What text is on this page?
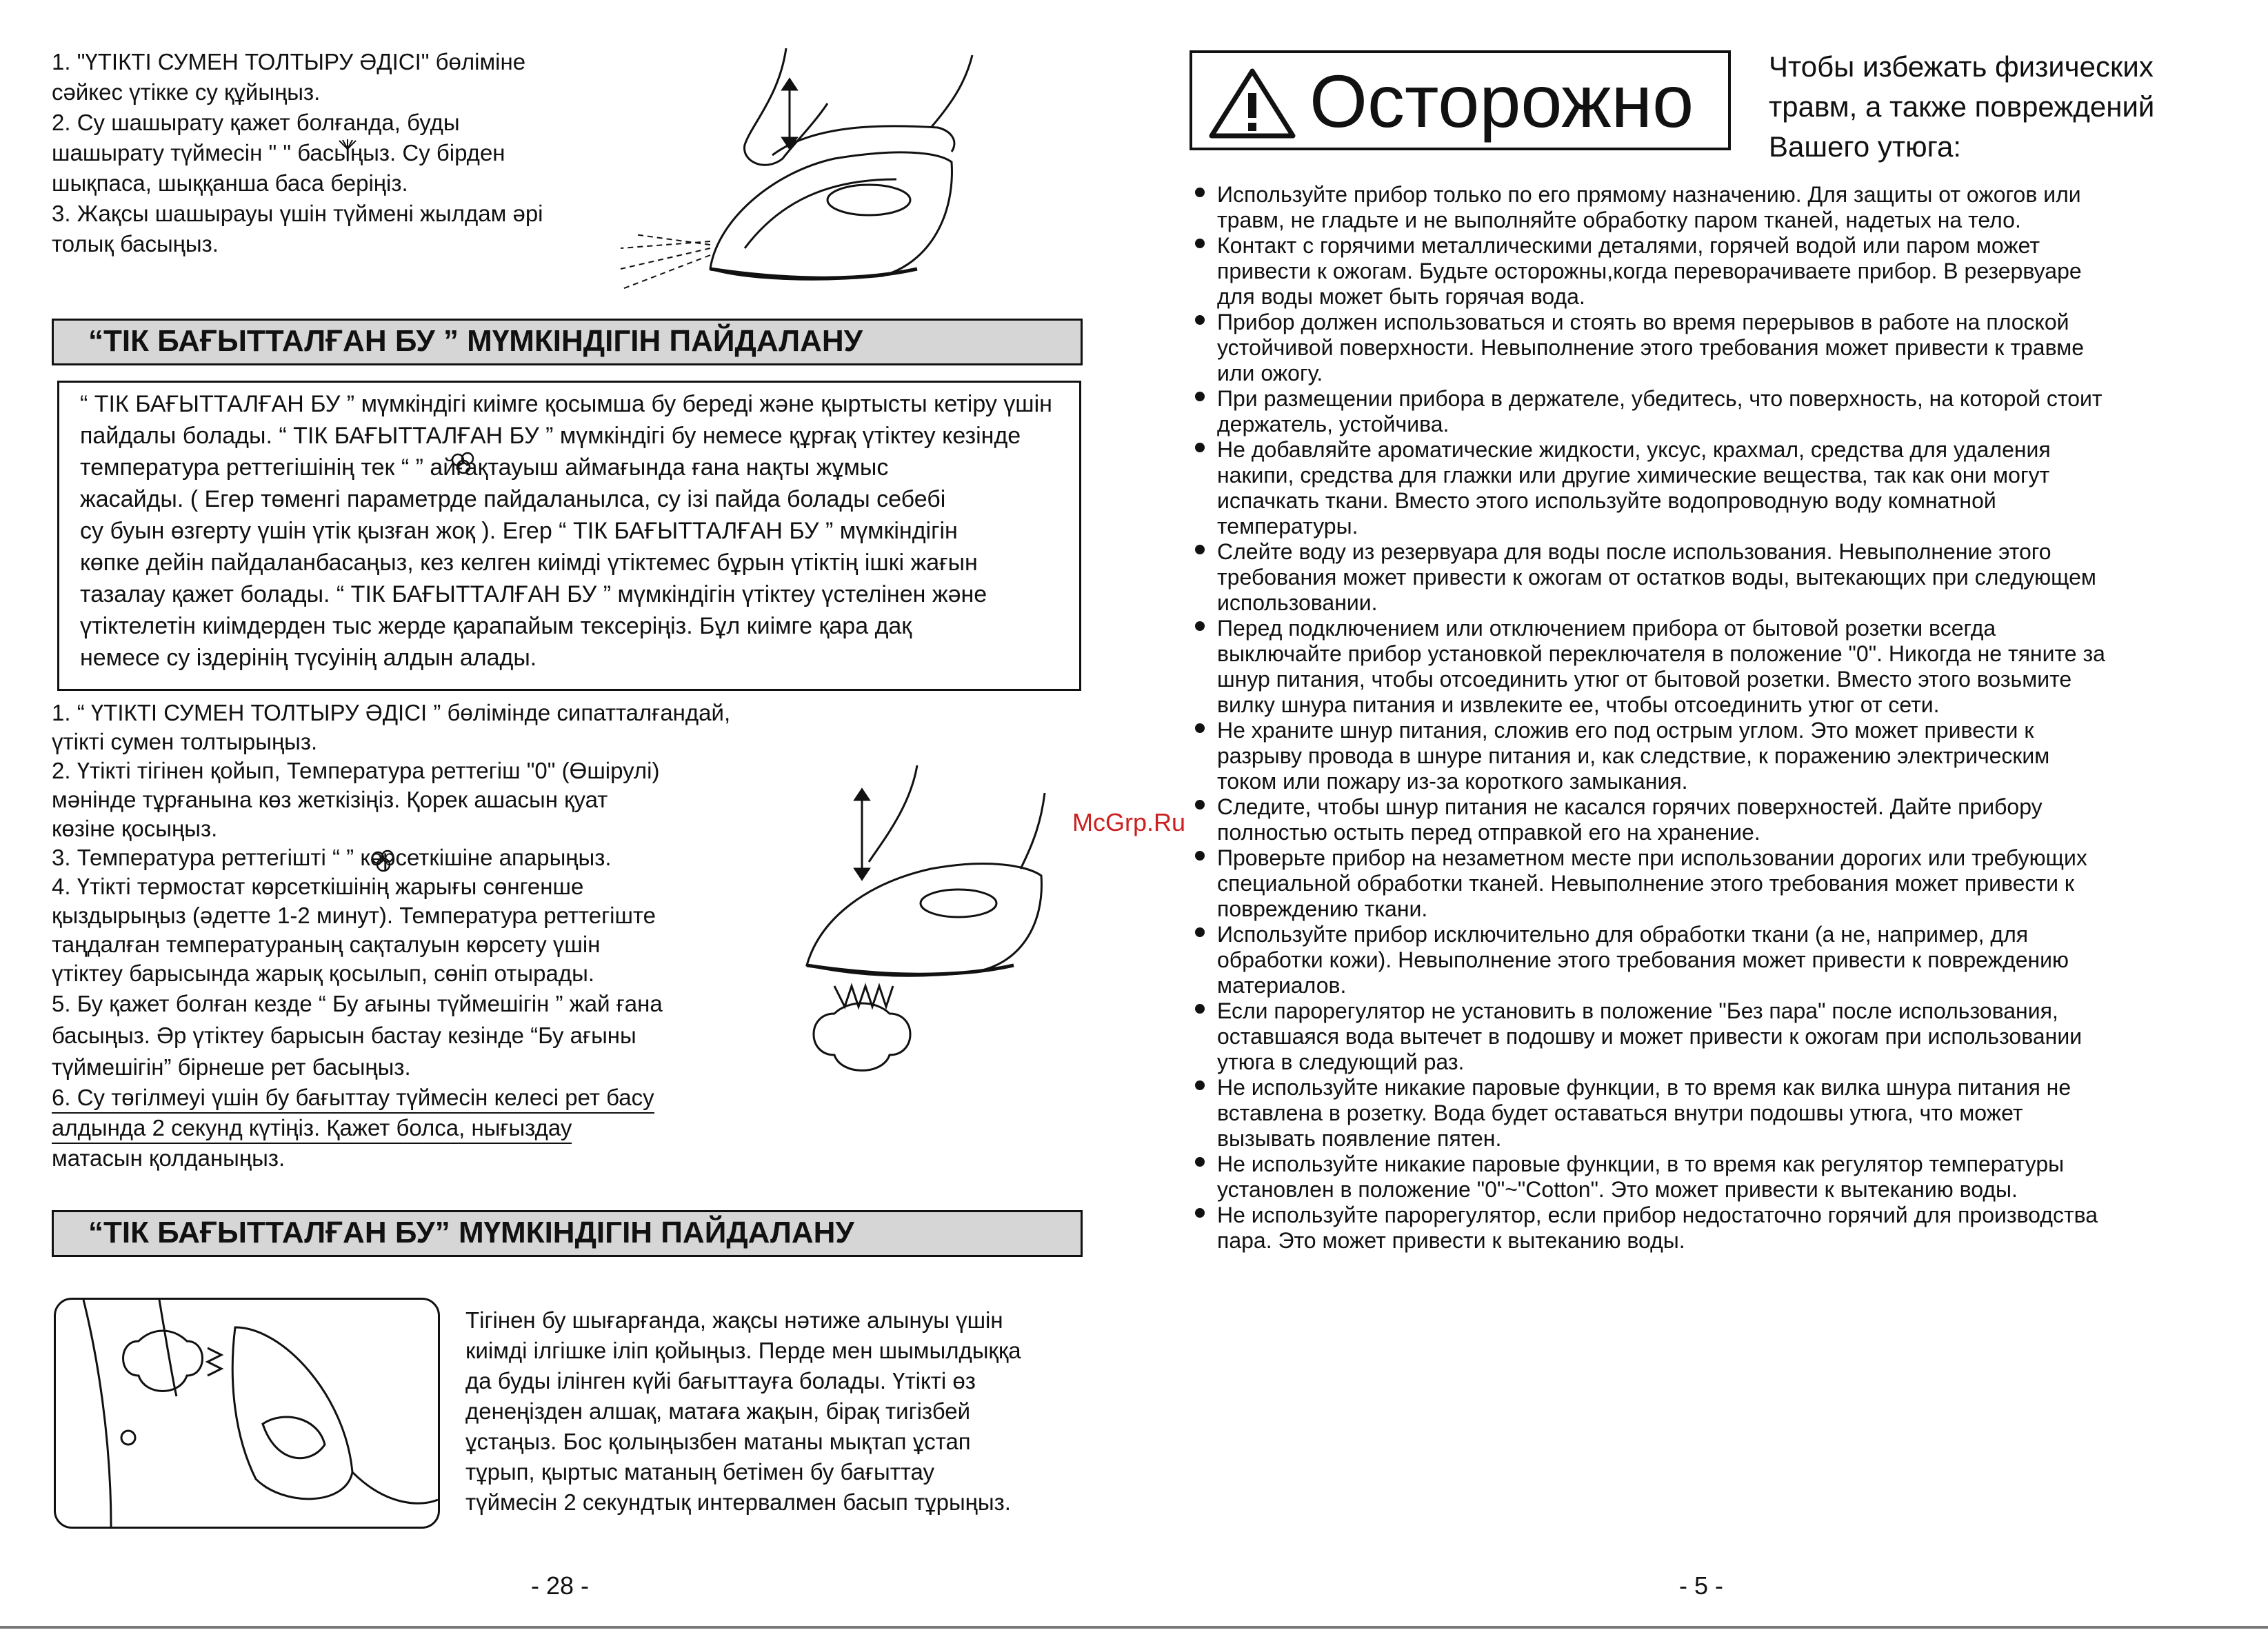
1. "ҮТІКТІ СУМЕН ТОЛТЫРУ ӘДІСІ" бөліміне
сәйкес үтікке су құйыңыз.
2. Су шашырату қажет болғанда, буды
шашырату түймесін " " басыңыз. Су бірден
шықпаса, шыққанша баса беріңіз.
3. Жақсы шашырауы үшін түймені жылдам әрі
толық басыңыз.
“ТІК БАҒЫТТАЛҒАН БУ ” МҮМКІНДІГІН ПАЙДАЛАНУ
“ ТІК БАҒЫТТАЛҒАН БУ ” мүмкіндігі киімге қосымша бу береді және қыртысты кетіру үшін
пайдалы болады. “ ТІК БАҒЫТТАЛҒАН БУ ” мүмкіндігі бу немесе құрғақ үтіктеу кезінде
температура реттегішінің тек “ ” айғақтауыш аймағында ғана нақты жұмыс
жасайды. ( Егер төменгі параметрде пайдаланылса, су ізі пайда болады себебі
су буын өзгерту үшін үтік қызған жоқ ). Егер “ ТІК БАҒЫТТАЛҒАН БУ ” мүмкіндігін
көпке дейін пайдаланбасаңыз, кез келген киімді үтіктемес бұрын үтіктің ішкі жағын
тазалау қажет болады. “ ТІК БАҒЫТТАЛҒАН БУ ” мүмкіндігін үтіктеу үстелінен және
үтіктелетін киімдерден тыс жерде қарапайым тексеріңіз. Бұл киімге қара дақ
немесе су іздерінің түсуінің алдын алады.
1. “ ҮТІКТІ СУМЕН ТОЛТЫРУ ӘДІСІ ” бөлімінде сипатталғандай,
үтікті сумен толтырыңыз.
2. Үтікті тігінен қойып, Температура реттегіш "0" (Өшірулі)
мәнінде тұрғанына көз жеткізіңіз. Қорек ашасын қуат
көзіне қосыңыз.
3. Температура реттегішті “ ” көрсеткішіне апарыңыз.
4. Үтікті термостат көрсеткішінің жарығы сөнгенше
қыздырыңыз (әдетте 1-2 минут). Температура реттегіште
таңдалған температураның сақталуын көрсету үшін
үтіктеу барысында жарық қосылып, сөніп отырады.
5. Бу қажет болған кезде “ Бу ағыны түймешігін ” жай ғана
басыңыз. Әр үтіктеу барысын бастау кезінде “Бу ағыны
түймешігін” бірнеше рет басыңыз.
6. Су төгілмеуі үшін бу бағыттау түймесін келесі рет басу
алдында 2 секунд күтіңіз. Қажет болса, нығыздау
матасын қолданыңыз.
“ТІК БАҒЫТТАЛҒАН БУ” МҮМКІНДІГІН ПАЙДАЛАНУ
Тігінен бу шығарғанда, жақсы нәтиже алынуы үшін
киімді ілгішке іліп қойыңыз. Перде мен шымылдыққа
да буды ілінген күйі бағыттауға болады. Үтікті өз
денеңізден алшақ, матаға жақын, бірақ тигізбей
ұстаңыз. Бос қолыңызбен матаны мықтап ұстап
тұрып, қыртыс матаның бетімен бу бағыттау
түймесін 2 секундтық интервалмен басып тұрыңыз.
- 28 -
Осторожно	Чтобы избежать физических
травм, а также повреждений
Вашего утюга:
Используйте прибор только по его прямому назначению. Для защиты от ожогов или
травм, не гладьте и не выполняйте обработку паром тканей, надетых на тело.
Контакт с горячими металлическими деталями, горячей водой или паром может
привести к ожогам. Будьте осторожны,когда переворачиваете прибор. В резервуаре
для воды может быть горячая вода.
Прибор должен использоваться и стоять во время перерывов в работе на плоской
устойчивой поверхности. Невыполнение этого требования может привести к травме
или ожогу.
При размещении прибора в держателе, убедитесь, что поверхность, на которой стоит
держатель, устойчива.
Не добавляйте ароматические жидкости, уксус, крахмал, средства для удаления
накипи, средства для глажки или другие химические вещества, так как они могут
испачкать ткани. Вместо этого используйте водопроводную воду комнатной
температуры.
Слейте воду из резервуара для воды после использования. Невыполнение этого
требования может привести к ожогам от остатков воды, вытекающих при следующем
использовании.
Перед подключением или отключением прибора от бытовой розетки всегда
выключайте прибор установкой переключателя в положение "0". Никогда не тяните за
шнур питания, чтобы отсоединить утюг от бытовой розетки. Вместо этого возьмите
вилку шнура питания и извлеките ее, чтобы отсоединить утюг от сети.
Не храните шнур питания, сложив его под острым углом. Это может привести к
разрыву провода в шнуре питания и, как следствие, к поражению электрическим
током или пожару из-за короткого замыкания.
Следите, чтобы шнур питания не касался горячих поверхностей. Дайте прибору
полностью остыть перед отправкой его на хранение.
Проверьте прибор на незаметном месте при использовании дорогих или требующих
специальной обработки тканей. Невыполнение этого требования может привести к
повреждению ткани.
Используйте прибор исключительно для обработки ткани (а не, например, для
обработки кожи). Невыполнение этого требования может привести к повреждению
материалов.
Если парорегулятор не установить в положение "Без пара" после использования,
оставшаяся вода вытечет в подошву и может привести к ожогам при использовании
утюга в следующий раз.
Не используйте никакие паровые функции, в то время как вилка шнура питания не
вставлена в розетку. Вода будет оставаться внутри подошвы утюга, что может
вызывать появление пятен.
Не используйте никакие паровые функции, в то время как регулятор температуры
установлен в положение "0"~"Cotton". Это может привести к вытеканию воды.
Не используйте парорегулятор, если прибор недостаточно горячий для производства
пара. Это может привести к вытеканию воды.
McGrp.Ru
- 5 -
